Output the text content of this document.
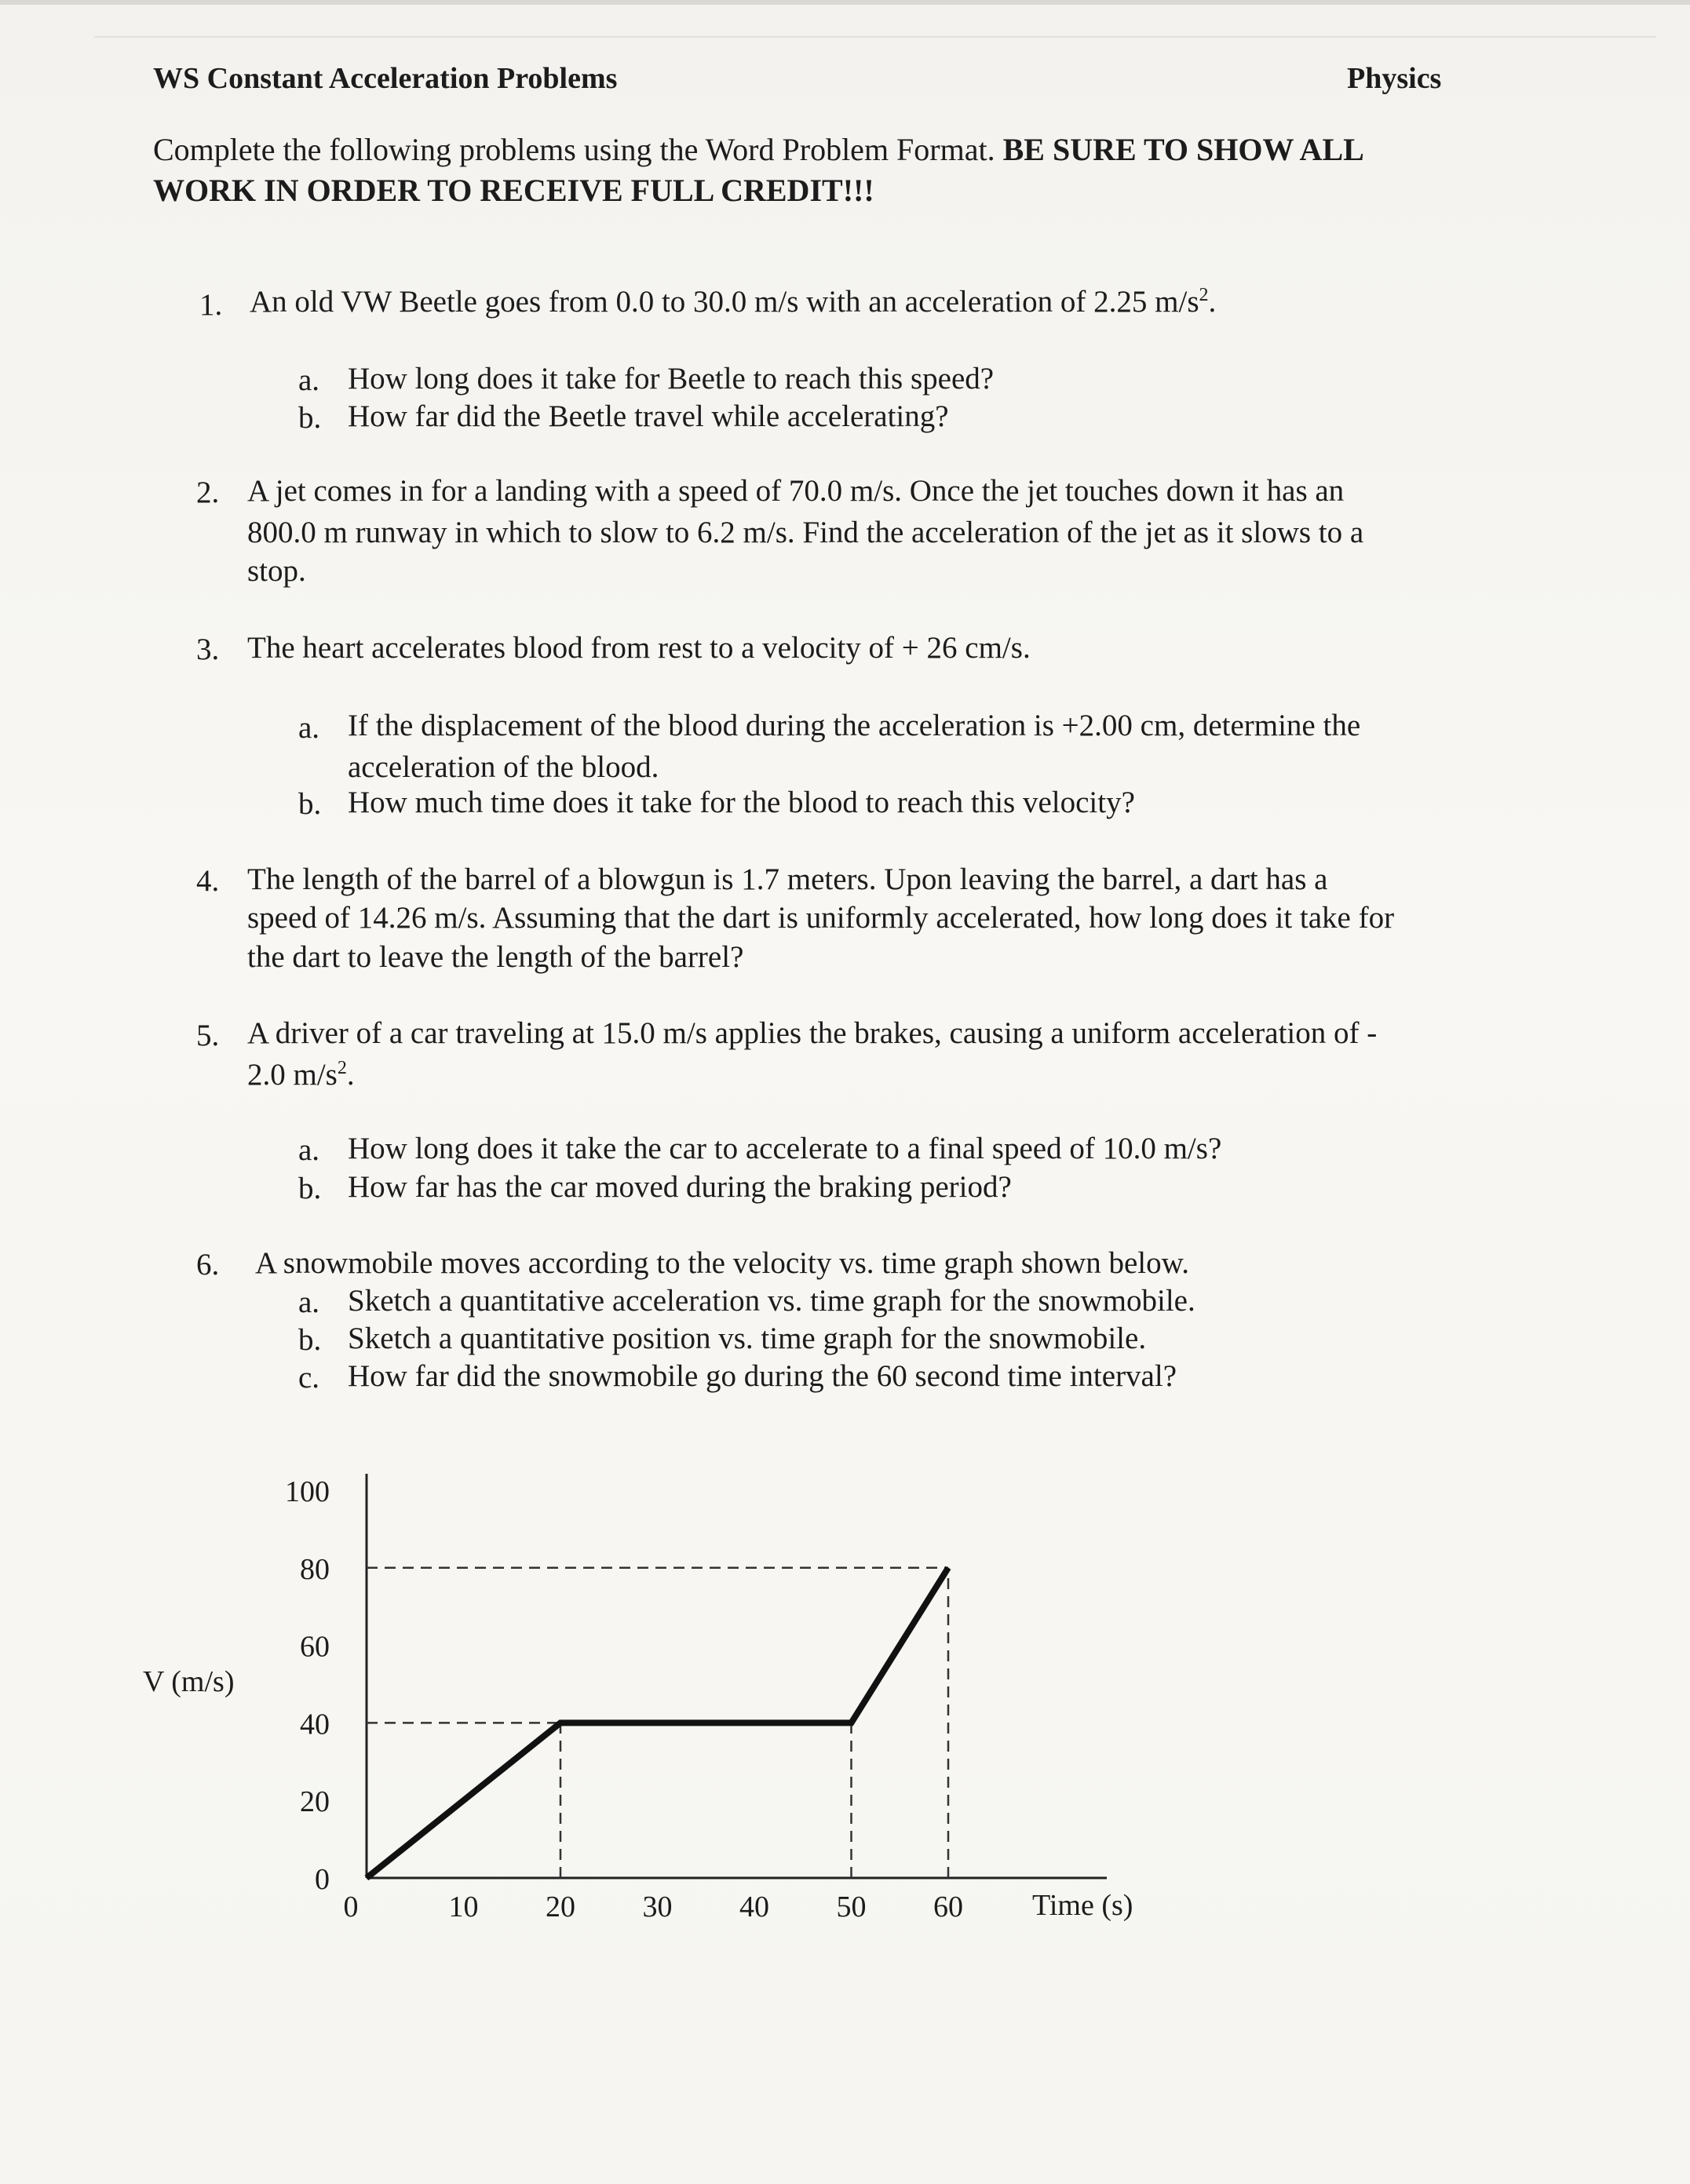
WS Constant Acceleration Problems	Physics
Complete the following problems using the Word Problem Format. BE SURE TO SHOW ALL
WORK IN ORDER TO RECEIVE FULL CREDIT!!!
1. An old VW Beetle goes from 0.0 to 30.0 m/s with an acceleration of 2.25 $m/s^2$.
a. How long does it take for Beetle to reach this speed?
b. How far did the Beetle travel while accelerating?
2. A jet comes in for a landing with a speed of 70.0 m/s. Once the jet touches down it has an
800.0 m runway in which to slow to 6.2 m/s. Find the acceleration of the jet as it slows to a
stop.
3. The heart accelerates blood from rest to a velocity of + 26 cm/s.
a. If the displacement of the blood during the acceleration is +2.00 cm, determine the
acceleration of the blood.
b. How much time does it take for the blood to reach this velocity?
4. The length of the barrel of a blowgun is 1.7 meters. Upon leaving the barrel, a dart has a
speed of 14.26 m/s. Assuming that the dart is uniformly accelerated, how long does it take for
the dart to leave the length of the barrel?
5. A driver of a car traveling at 15.0 m/s applies the brakes, causing a uniform acceleration of -
2.0 $m/s^2$.
a. How long does it take the car to accelerate to a final speed of 10.0 m/s?
b. How far has the car moved during the braking period?
6. A snowmobile moves according to the velocity vs. time graph shown below.
a. Sketch a quantitative acceleration vs. time graph for the snowmobile.
b. Sketch a quantitative position vs. time graph for the snowmobile.
c. How far did the snowmobile go during the 60 second time interval?
0
20
40
60
80
100
0	10 20 30 40 50 60
V (m/s)
Time (s)
